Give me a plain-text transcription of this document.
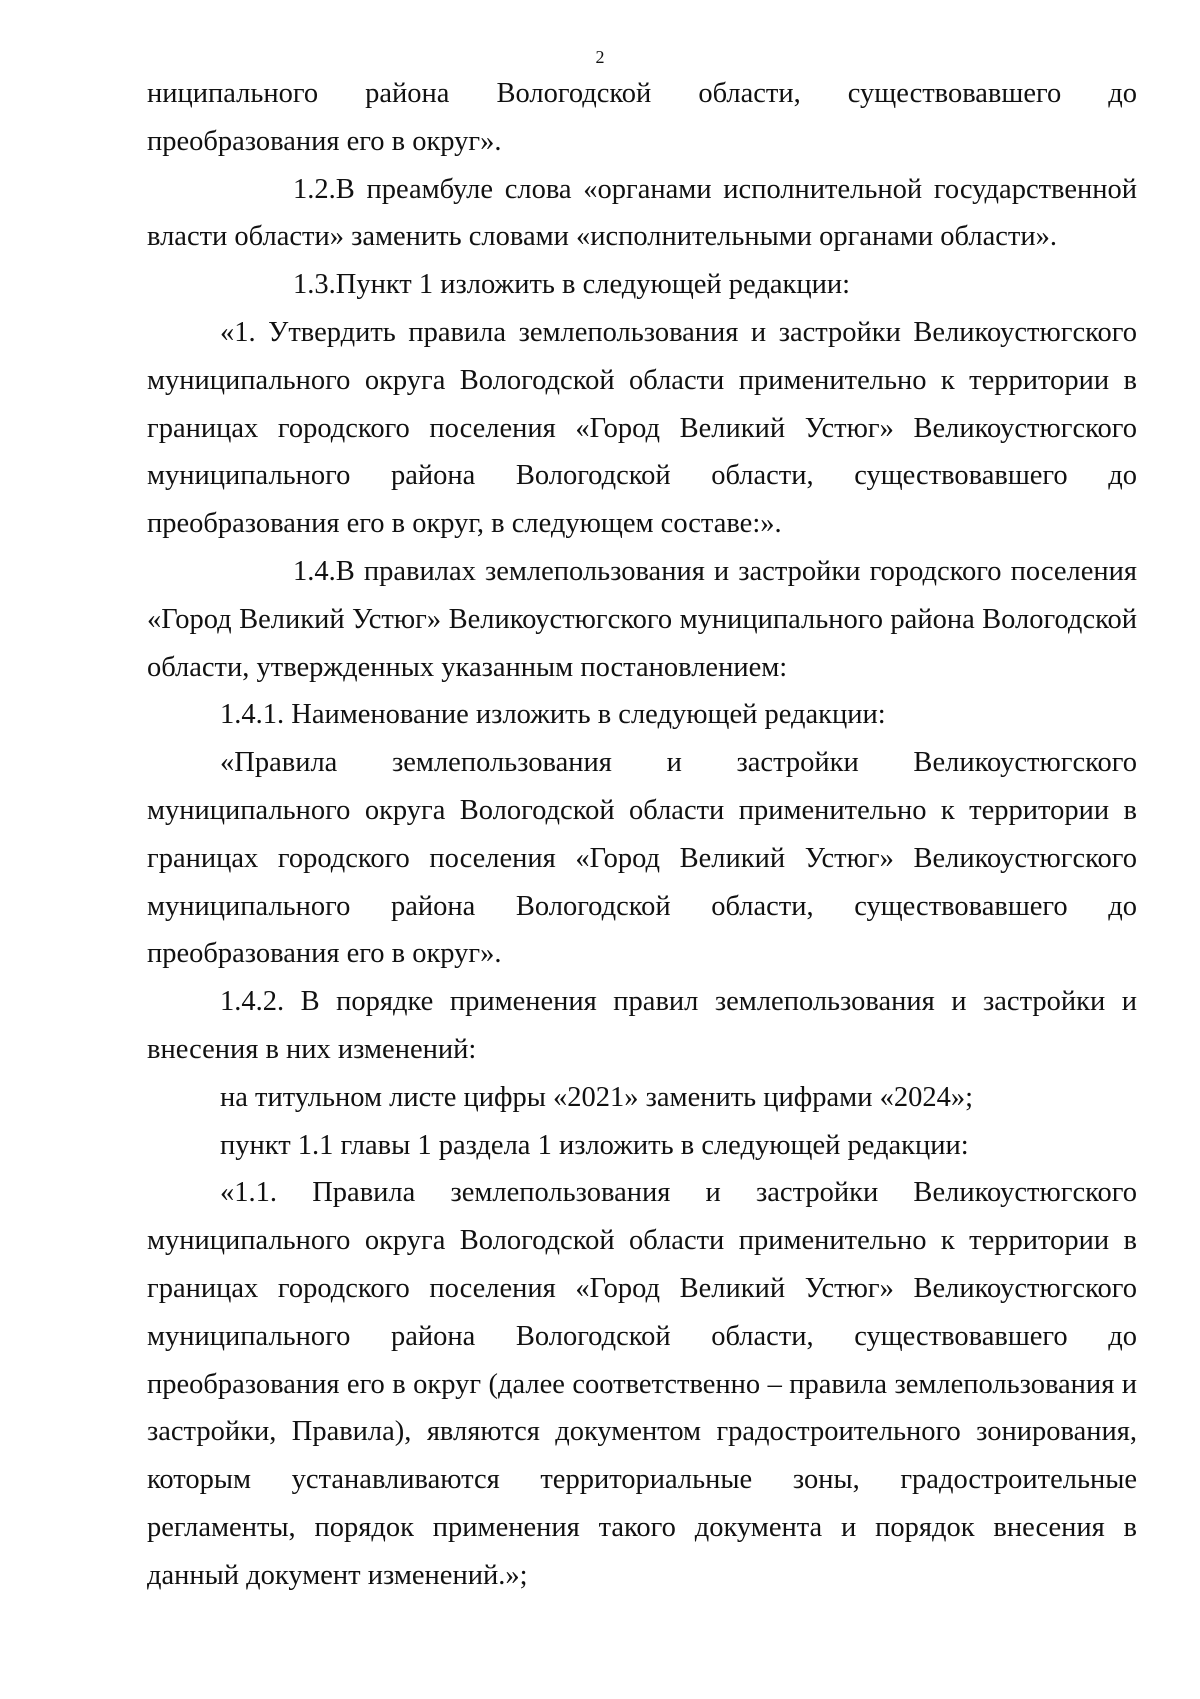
2

ниципального района Вологодской области, существовавшего до преобразования его в округ».

1.2.В преамбуле слова «органами исполнительной государственной власти области» заменить словами «исполнительными органами области».

1.3.Пункт 1 изложить в следующей редакции:

«1. Утвердить правила землепользования и застройки Великоустюгского муниципального округа Вологодской области применительно к территории в границах городского поселения «Город Великий Устюг» Великоустюгского муниципального района Вологодской области, существовавшего до преобразования его в округ, в следующем составе:».

1.4.В правилах землепользования и застройки городского поселения «Город Великий Устюг» Великоустюгского муниципального района Вологодской области, утвержденных указанным постановлением:

1.4.1. Наименование изложить в следующей редакции:

«Правила землепользования и застройки Великоустюгского муниципального округа Вологодской области применительно к территории в границах городского поселения «Город Великий Устюг» Великоустюгского муниципального района Вологодской области, существовавшего до преобразования его в округ».

1.4.2. В порядке применения правил землепользования и застройки и внесения в них изменений:

на титульном листе цифры «2021» заменить цифрами «2024»;

пункт 1.1 главы 1 раздела 1 изложить в следующей редакции:

«1.1. Правила землепользования и застройки Великоустюгского муниципального округа Вологодской области применительно к территории в границах городского поселения «Город Великий Устюг» Великоустюгского муниципального района Вологодской области, существовавшего до преобразования его в округ (далее соответственно – правила землепользования и застройки, Правила), являются документом градостроительного зонирования, которым устанавливаются территориальные зоны, градостроительные регламенты, порядок применения такого документа и порядок внесения в данный документ изменений.»;
